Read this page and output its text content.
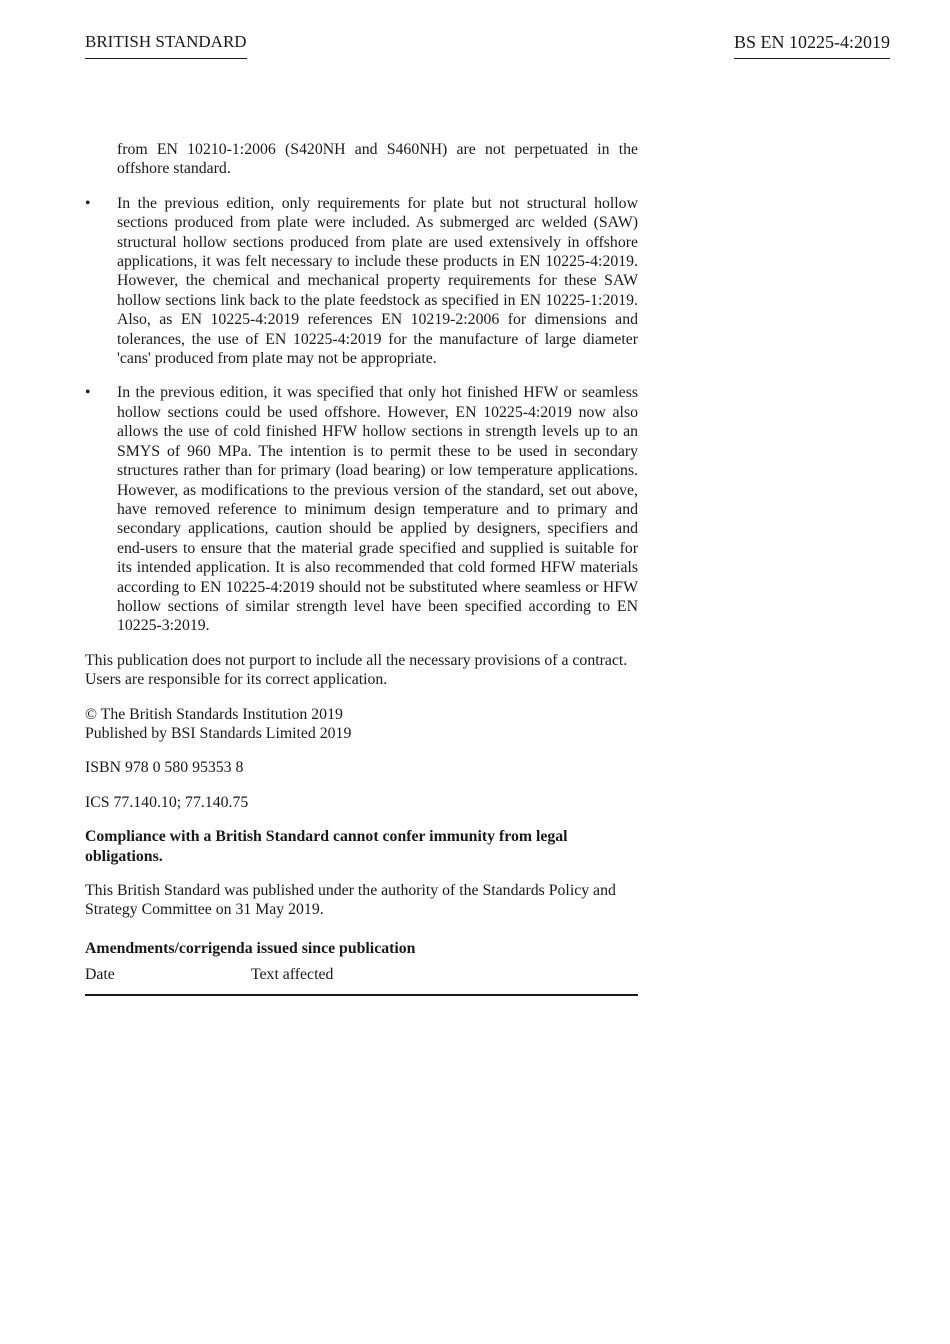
BRITISH STANDARD	BS EN 10225-4:2019

from EN 10210-1:2006 (S420NH and S460NH) are not perpetuated in the offshore standard.

• In the previous edition, only requirements for plate but not structural hollow sections produced from plate were included. As submerged arc welded (SAW) structural hollow sections produced from plate are used extensively in offshore applications, it was felt necessary to include these products in EN 10225-4:2019. However, the chemical and mechanical property requirements for these SAW hollow sections link back to the plate feedstock as specified in EN 10225-1:2019. Also, as EN 10225-4:2019 references EN 10219-2:2006 for dimensions and tolerances, the use of EN 10225-4:2019 for the manufacture of large diameter 'cans' produced from plate may not be appropriate.
• In the previous edition, it was specified that only hot finished HFW or seamless hollow sections could be used offshore. However, EN 10225-4:2019 now also allows the use of cold finished HFW hollow sections in strength levels up to an SMYS of 960 MPa. The intention is to permit these to be used in secondary structures rather than for primary (load bearing) or low temperature applications. However, as modifications to the previous version of the standard, set out above, have removed reference to minimum design temperature and to primary and secondary applications, caution should be applied by designers, specifiers and end-users to ensure that the material grade specified and supplied is suitable for its intended application. It is also recommended that cold formed HFW materials according to EN 10225-4:2019 should not be substituted where seamless or HFW hollow sections of similar strength level have been specified according to EN 10225-3:2019.

This publication does not purport to include all the necessary provisions of a contract. Users are responsible for its correct application.

© The British Standards Institution 2019
Published by BSI Standards Limited 2019

ISBN 978 0 580 95353 8

ICS 77.140.10; 77.140.75

Compliance with a British Standard cannot confer immunity from legal obligations.

This British Standard was published under the authority of the Standards Policy and Strategy Committee on 31 May 2019.

Amendments/corrigenda issued since publication
Date	Text affected
